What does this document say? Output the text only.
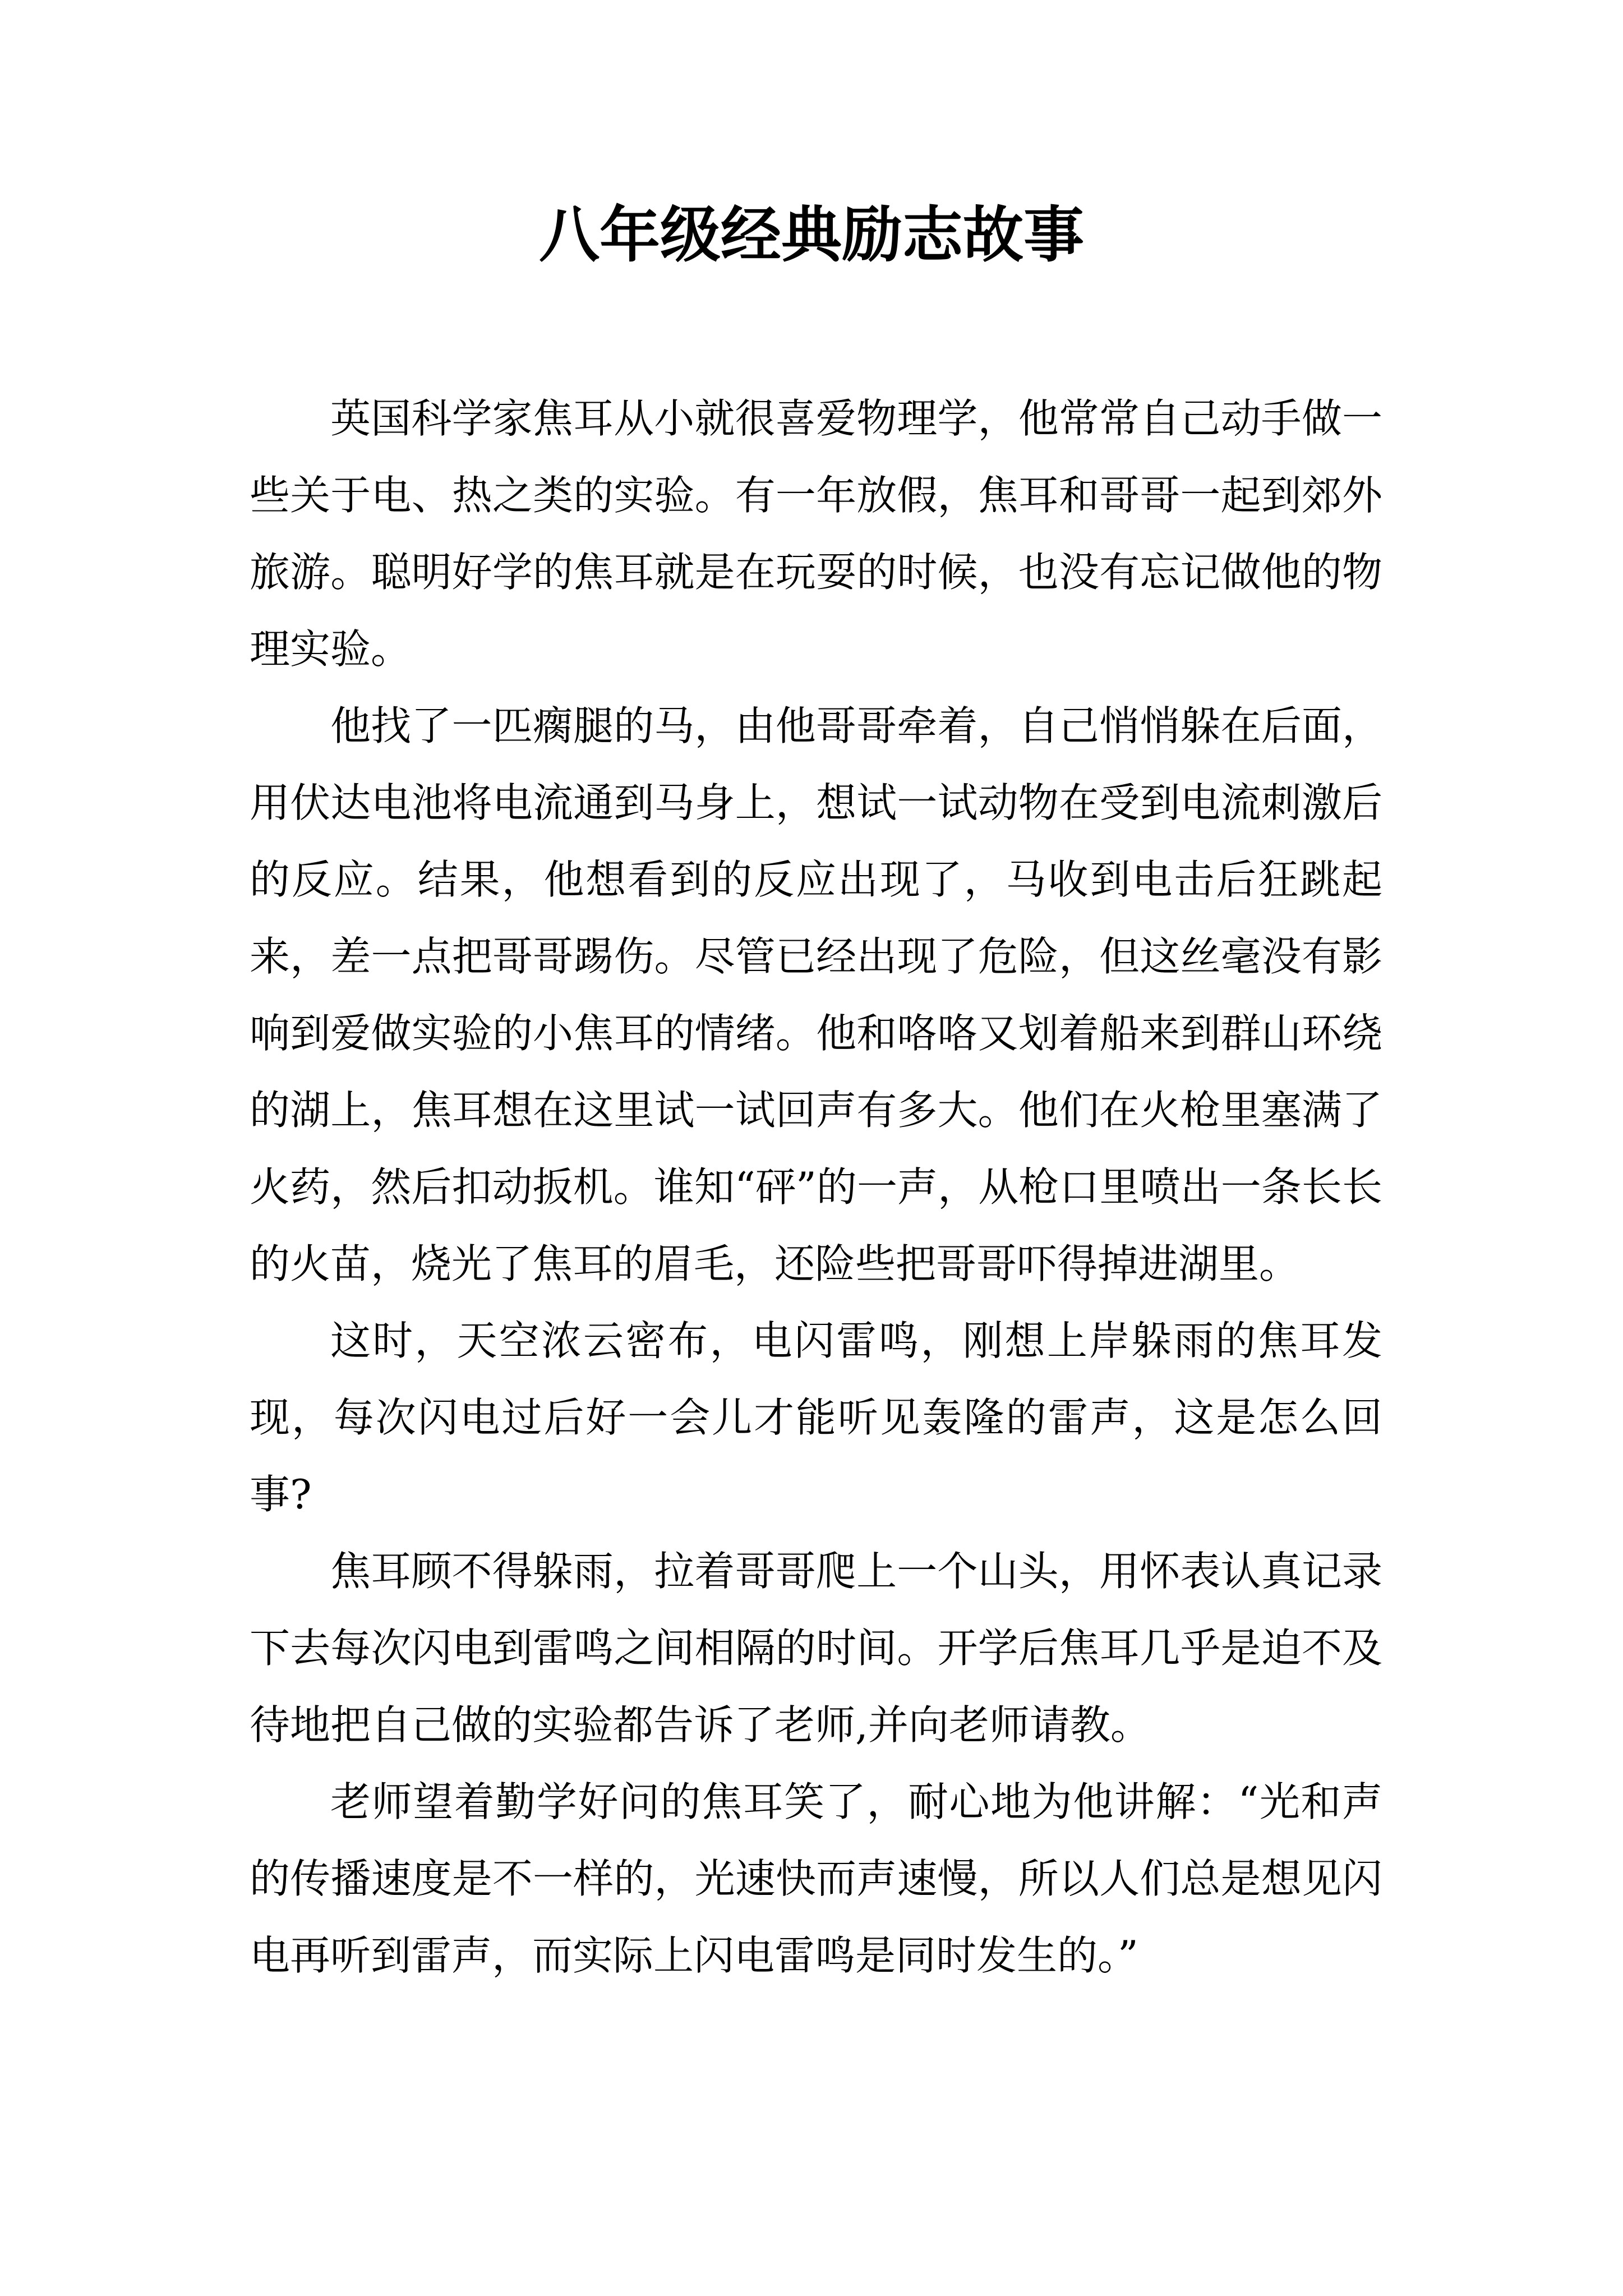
八年级经典励志故事

英国科学家焦耳从小就很喜爱物理学，他常常自己动手做一些关于电、热之类的实验。有一年放假，焦耳和哥哥一起到郊外旅游。聪明好学的焦耳就是在玩耍的时候，也没有忘记做他的物理实验。

他找了一匹瘸腿的马，由他哥哥牵着，自己悄悄躲在后面，用伏达电池将电流通到马身上，想试一试动物在受到电流刺激后的反应。结果，他想看到的反应出现了，马收到电击后狂跳起来，差一点把哥哥踢伤。尽管已经出现了危险，但这丝毫没有影响到爱做实验的小焦耳的情绪。他和咯咯又划着船来到群山环绕的湖上，焦耳想在这里试一试回声有多大。他们在火枪里塞满了火药，然后扣动扳机。谁知“砰”的一声，从枪口里喷出一条长长的火苗，烧光了焦耳的眉毛，还险些把哥哥吓得掉进湖里。

这时，天空浓云密布，电闪雷鸣，刚想上岸躲雨的焦耳发现，每次闪电过后好一会儿才能听见轰隆的雷声，这是怎么回事?

焦耳顾不得躲雨，拉着哥哥爬上一个山头，用怀表认真记录下去每次闪电到雷鸣之间相隔的时间。开学后焦耳几乎是迫不及待地把自己做的实验都告诉了老师,并向老师请教。

老师望着勤学好问的焦耳笑了，耐心地为他讲解：“光和声的传播速度是不一样的，光速快而声速慢，所以人们总是想见闪电再听到雷声，而实际上闪电雷鸣是同时发生的。”
